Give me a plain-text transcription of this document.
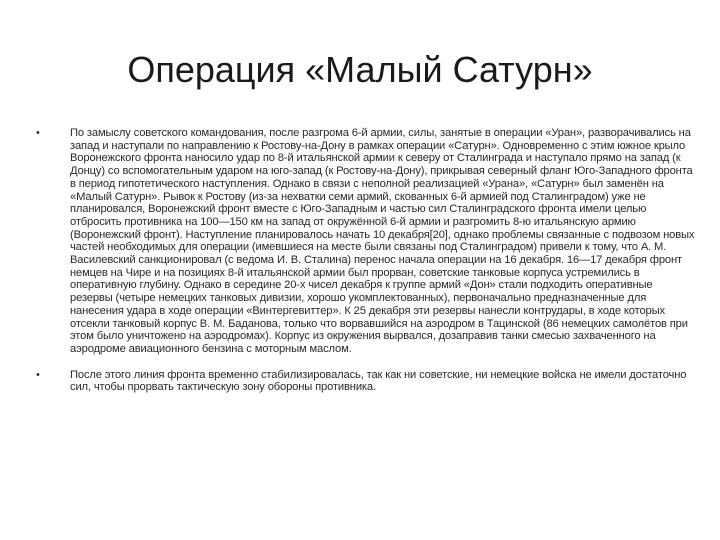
Операция «Малый Сатурн»
•	По замыслу советского командования, после разгрома 6-й армии, силы, занятые в операции «Уран», разворачивались на запад и наступали по направлению к Ростову-на-Дону в рамках операции «Сатурн». Одновременно с этим южное крыло Воронежского фронта наносило удар по 8-й итальянской армии к северу от Сталинграда и наступало прямо на запад (к Донцу) со вспомогательным ударом на юго-запад (к Ростову-на-Дону), прикрывая северный фланг Юго-Западного фронта в период гипотетического наступления. Однако в связи с неполной реализацией «Урана», «Сатурн» был заменён на «Малый Сатурн». Рывок к Ростову (из-за нехватки семи армий, скованных 6-й армией под Сталинградом) уже не планировался, Воронежский фронт вместе с Юго-Западным и частью сил Сталинградского фронта имели целью отбросить противника на 100—150 км на запад от окружённой 6-й армии и разгромить 8-ю итальянскую армию (Воронежский фронт). Наступление планировалось начать 10 декабря[20], однако проблемы связанные с подвозом новых частей необходимых для операции (имевшиеся на месте были связаны под Сталинградом) привели к тому, что А. М. Василевский санкционировал (с ведома И. В. Сталина) перенос начала операции на 16 декабря. 16—17 декабря фронт немцев на Чире и на позициях 8-й итальянской армии был прорван, советские танковые корпуса устремились в оперативную глубину. Однако в середине 20-х чисел декабря к группе армий «Дон» стали подходить оперативные резервы (четыре немецких танковых дивизии, хорошо укомплектованных), первоначально предназначенные для нанесения удара в ходе операции «Винтергевиттер». К 25 декабря эти резервы нанесли контрудары, в ходе которых отсекли танковый корпус В. М. Баданова, только что ворвавшийся на аэродром в Тацинской (86 немецких самолётов при этом было уничтожено на аэродромах). Корпус из окружения вырвался, дозаправив танки смесью захваченного на аэродроме авиационного бензина с моторным маслом.
•	После этого линия фронта временно стабилизировалась, так как ни советские, ни немецкие войска не имели достаточно сил, чтобы прорвать тактическую зону обороны противника.
